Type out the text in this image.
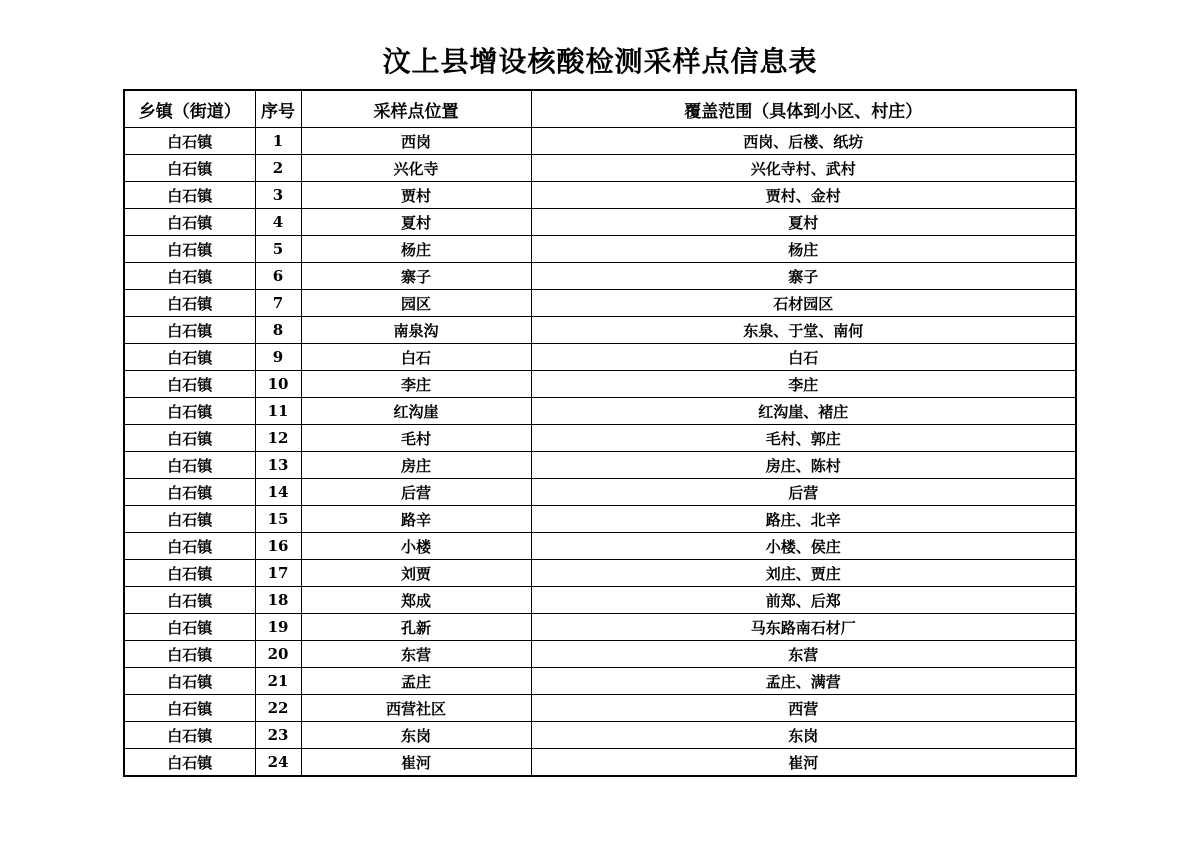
汶上县增设核酸检测采样点信息表
乡镇（街道）	序号	采样点位置	覆盖范围（具体到小区、村庄）
白石镇	1	西岗	西岗、后楼、纸坊
白石镇	2	兴化寺	兴化寺村、武村
白石镇	3	贾村	贾村、金村
白石镇	4	夏村	夏村
白石镇	5	杨庄	杨庄
白石镇	6	寨子	寨子
白石镇	7	园区	石材园区
白石镇	8	南泉沟	东泉、于堂、南何
白石镇	9	白石	白石
白石镇	10	李庄	李庄
白石镇	11	红沟崖	红沟崖、褚庄
白石镇	12	毛村	毛村、郭庄
白石镇	13	房庄	房庄、陈村
白石镇	14	后营	后营
白石镇	15	路辛	路庄、北辛
白石镇	16	小楼	小楼、侯庄
白石镇	17	刘贾	刘庄、贾庄
白石镇	18	郑成	前郑、后郑
白石镇	19	孔新	马东路南石材厂
白石镇	20	东营	东营
白石镇	21	孟庄	孟庄、满营
白石镇	22	西营社区	西营
白石镇	23	东岗	东岗
白石镇	24	崔河	崔河
